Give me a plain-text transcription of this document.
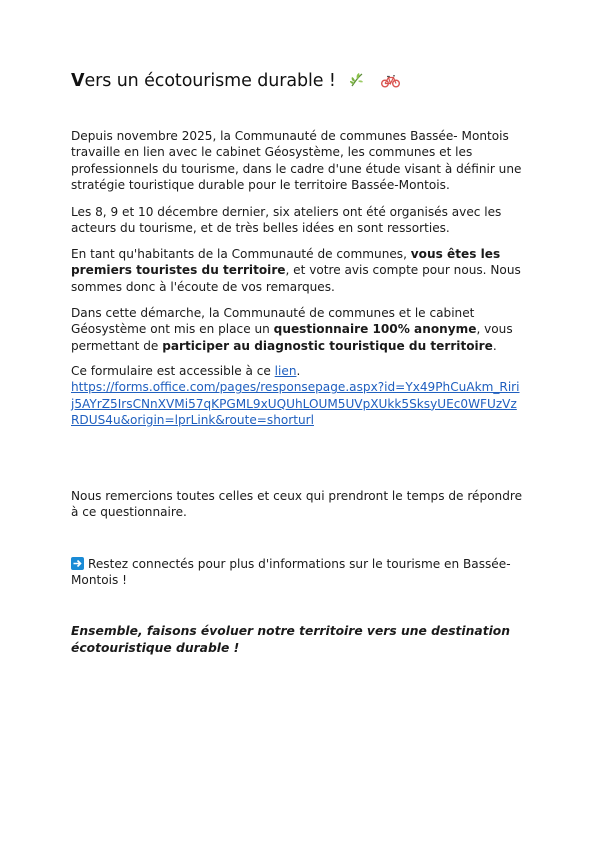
Vers un écotourisme durable !
Depuis novembre 2025, la Communauté de communes Bassée- Montois
travaille en lien avec le cabinet Géosystème, les communes et les
professionnels du tourisme, dans le cadre d'une étude visant à définir une
stratégie touristique durable pour le territoire Bassée-Montois.
Les 8, 9 et 10 décembre dernier, six ateliers ont été organisés avec les
acteurs du tourisme, et de très belles idées en sont ressorties.
En tant qu'habitants de la Communauté de communes, vous êtes les
premiers touristes du territoire, et votre avis compte pour nous. Nous
sommes donc à l'écoute de vos remarques.
Dans cette démarche, la Communauté de communes et le cabinet
Géosystème ont mis en place un questionnaire 100% anonyme, vous
permettant de participer au diagnostic touristique du territoire.
Ce formulaire est accessible à ce lien.
https://forms.office.com/pages/responsepage.aspx?id=Yx49PhCuAkm_Riri
j5AYrZ5IrsCNnXVMi57qKPGML9xUQUhLOUM5UVpXUkk5SksyUEc0WFUzVz
RDUS4u&origin=lprLink&route=shorturl
Nous remercions toutes celles et ceux qui prendront le temps de répondre
à ce questionnaire.
Restez connectés pour plus d'informations sur le tourisme en Bassée-
Montois !
Ensemble, faisons évoluer notre territoire vers une destination
écotouristique durable !
